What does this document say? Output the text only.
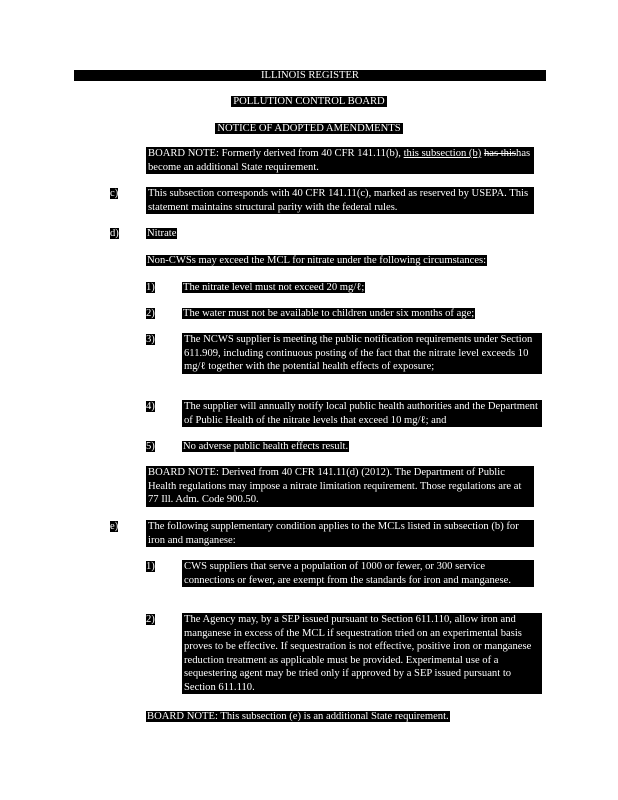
ILLINOIS REGISTER
POLLUTION CONTROL BOARD
NOTICE OF ADOPTED AMENDMENTS
BOARD NOTE: Formerly derived from 40 CFR 141.11(b), this subsection (b) has thishas become an additional State requirement.
c)	This subsection corresponds with 40 CFR 141.11(c), marked as reserved by USEPA. This statement maintains structural parity with the federal rules.
d)	Nitrate
Non-CWSs may exceed the MCL for nitrate under the following circumstances:
1)	The nitrate level must not exceed 20 mg/ℓ;
2)	The water must not be available to children under six months of age;
3)	The NCWS supplier is meeting the public notification requirements under Section 611.909, including continuous posting of the fact that the nitrate level exceeds 10 mg/ℓ together with the potential health effects of exposure;
4)	The supplier will annually notify local public health authorities and the Department of Public Health of the nitrate levels that exceed 10 mg/ℓ; and
5)	No adverse public health effects result.
BOARD NOTE: Derived from 40 CFR 141.11(d) (2012). The Department of Public Health regulations may impose a nitrate limitation requirement. Those regulations are at 77 Ill. Adm. Code 900.50.
e)	The following supplementary condition applies to the MCLs listed in subsection (b) for iron and manganese:
1)	CWS suppliers that serve a population of 1000 or fewer, or 300 service connections or fewer, are exempt from the standards for iron and manganese.
2)	The Agency may, by a SEP issued pursuant to Section 611.110, allow iron and manganese in excess of the MCL if sequestration tried on an experimental basis proves to be effective. If sequestration is not effective, positive iron or manganese reduction treatment as applicable must be provided. Experimental use of a sequestering agent may be tried only if approved by a SEP issued pursuant to Section 611.110.
BOARD NOTE: This subsection (e) is an additional State requirement.
